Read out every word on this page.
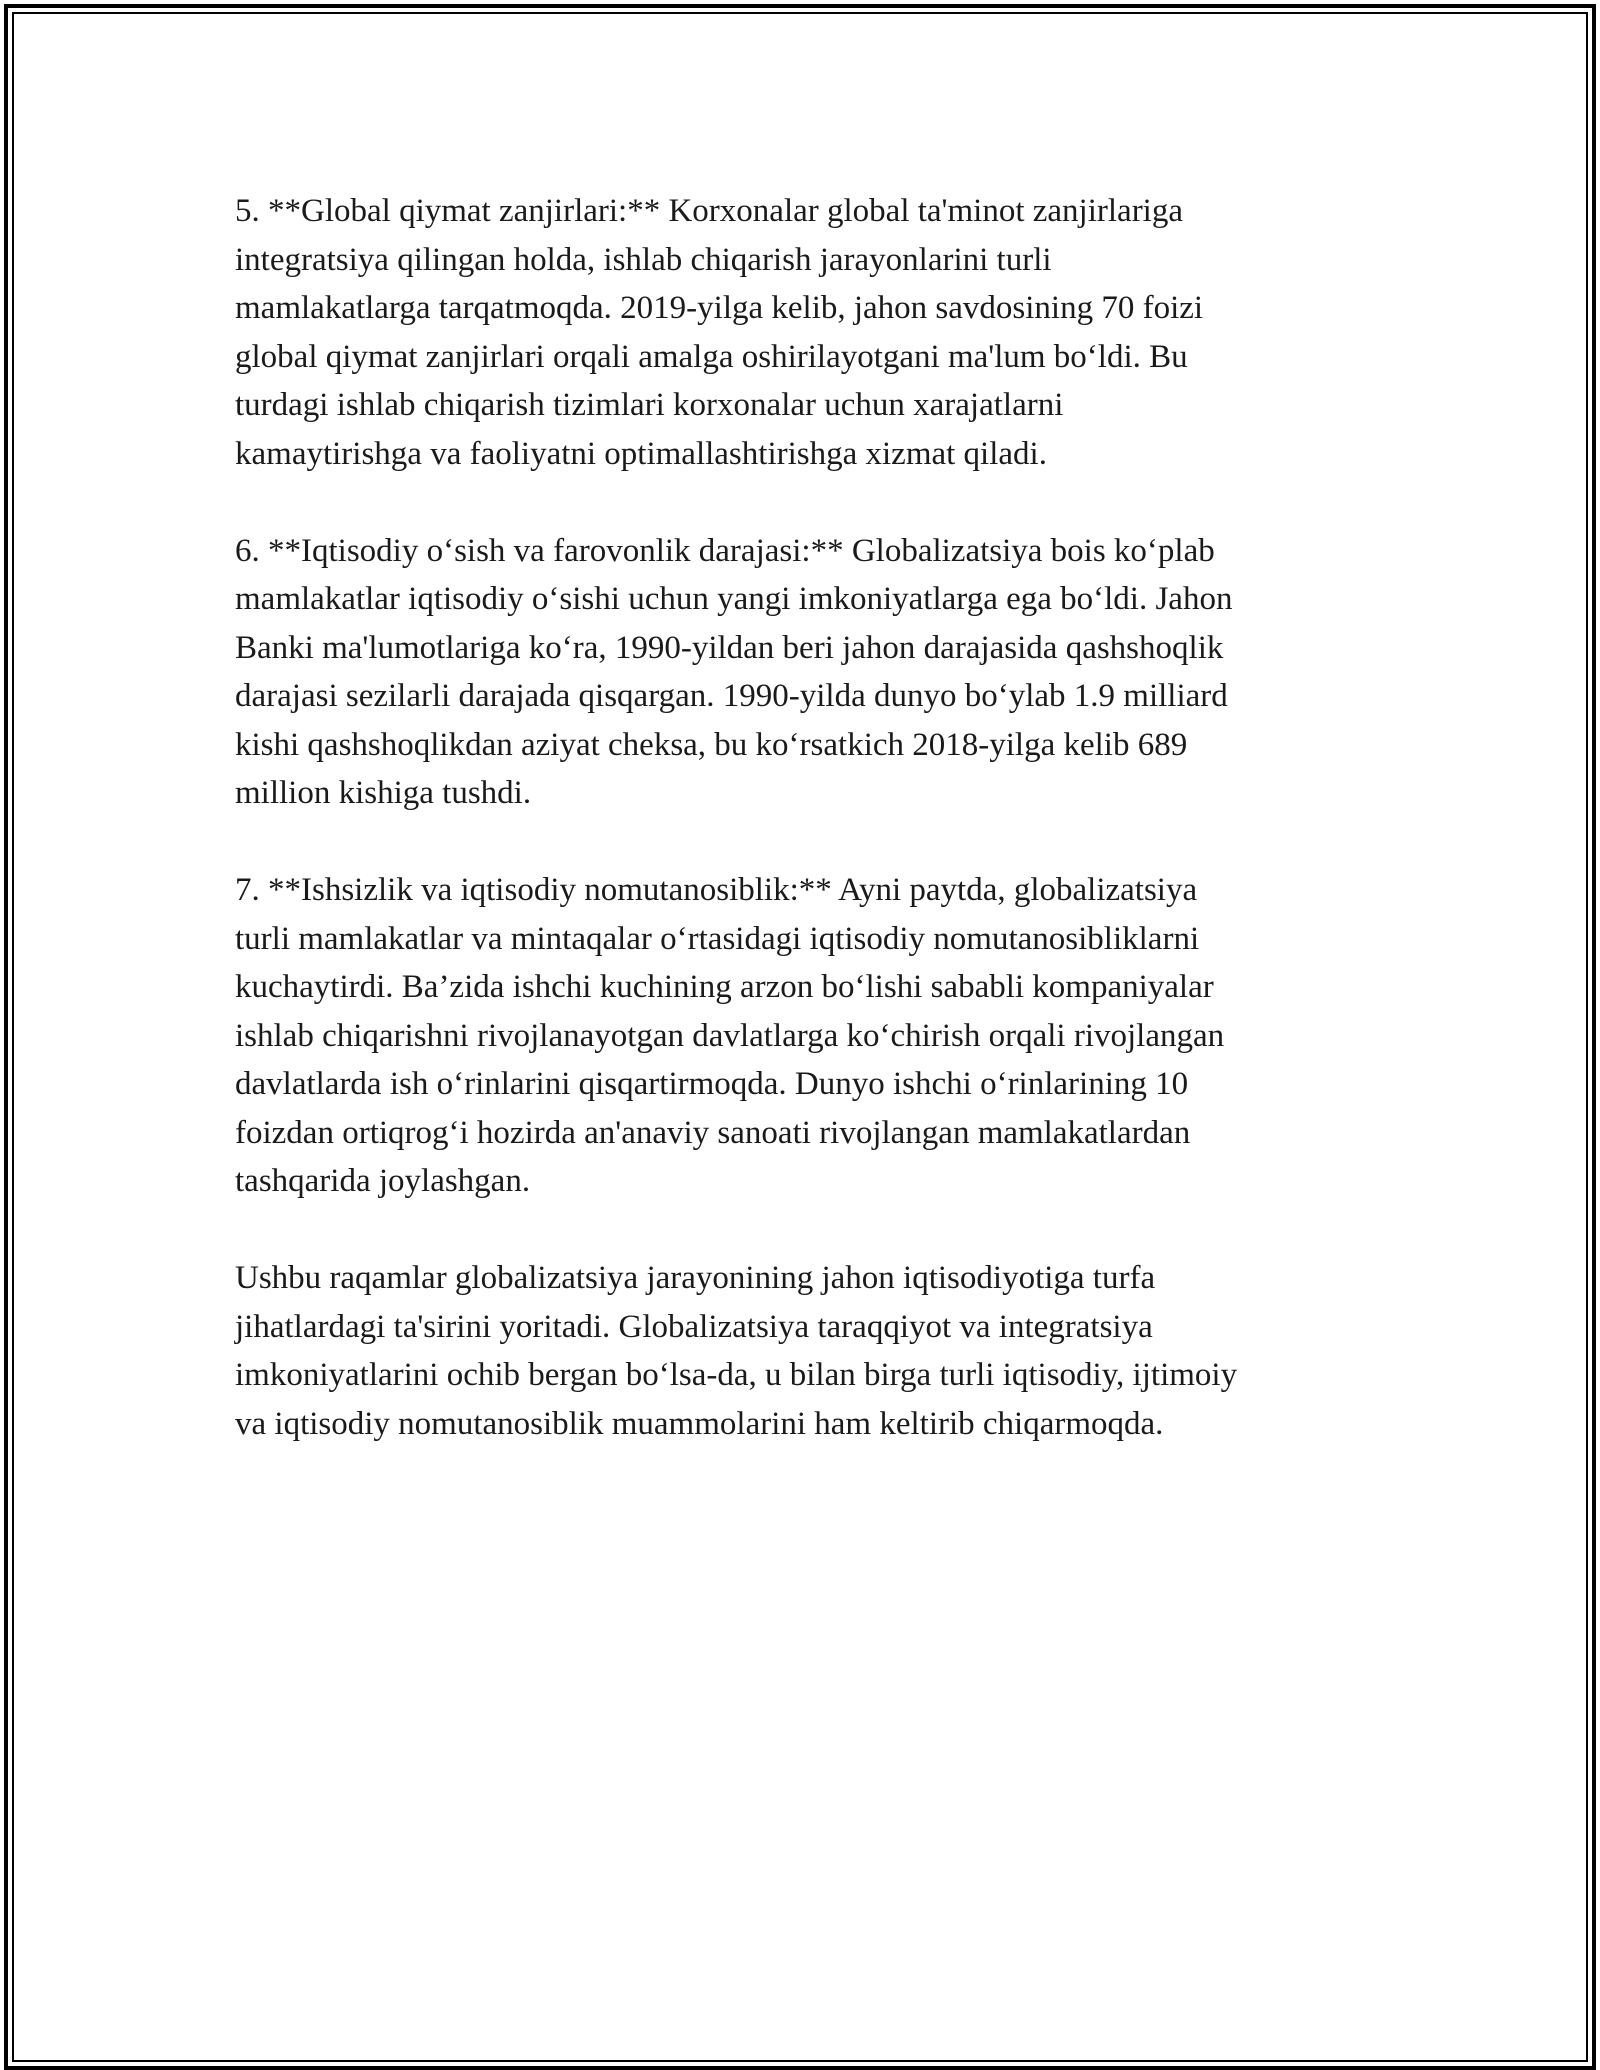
5. **Global qiymat zanjirlari:** Korxonalar global ta'minot zanjirlariga
integratsiya qilingan holda, ishlab chiqarish jarayonlarini turli
mamlakatlarga tarqatmoqda. 2019-yilga kelib, jahon savdosining 70 foizi
global qiymat zanjirlari orqali amalga oshirilayotgani ma'lum bo‘ldi. Bu
turdagi ishlab chiqarish tizimlari korxonalar uchun xarajatlarni
kamaytirishga va faoliyatni optimallashtirishga xizmat qiladi.

6. **Iqtisodiy o‘sish va farovonlik darajasi:** Globalizatsiya bois ko‘plab
mamlakatlar iqtisodiy o‘sishi uchun yangi imkoniyatlarga ega bo‘ldi. Jahon
Banki ma'lumotlariga ko‘ra, 1990-yildan beri jahon darajasida qashshoqlik
darajasi sezilarli darajada qisqargan. 1990-yilda dunyo bo‘ylab 1.9 milliard
kishi qashshoqlikdan aziyat cheksa, bu ko‘rsatkich 2018-yilga kelib 689
million kishiga tushdi.

7. **Ishsizlik va iqtisodiy nomutanosiblik:** Ayni paytda, globalizatsiya
turli mamlakatlar va mintaqalar o‘rtasidagi iqtisodiy nomutanosibliklarni
kuchaytirdi. Ba’zida ishchi kuchining arzon bo‘lishi sababli kompaniyalar
ishlab chiqarishni rivojlanayotgan davlatlarga ko‘chirish orqali rivojlangan
davlatlarda ish o‘rinlarini qisqartirmoqda. Dunyo ishchi o‘rinlarining 10
foizdan ortiqrog‘i hozirda an'anaviy sanoati rivojlangan mamlakatlardan
tashqarida joylashgan.

Ushbu raqamlar globalizatsiya jarayonining jahon iqtisodiyotiga turfa
jihatlardagi ta'sirini yoritadi. Globalizatsiya taraqqiyot va integratsiya
imkoniyatlarini ochib bergan bo‘lsa-da, u bilan birga turli iqtisodiy, ijtimoiy
va iqtisodiy nomutanosiblik muammolarini ham keltirib chiqarmoqda.
